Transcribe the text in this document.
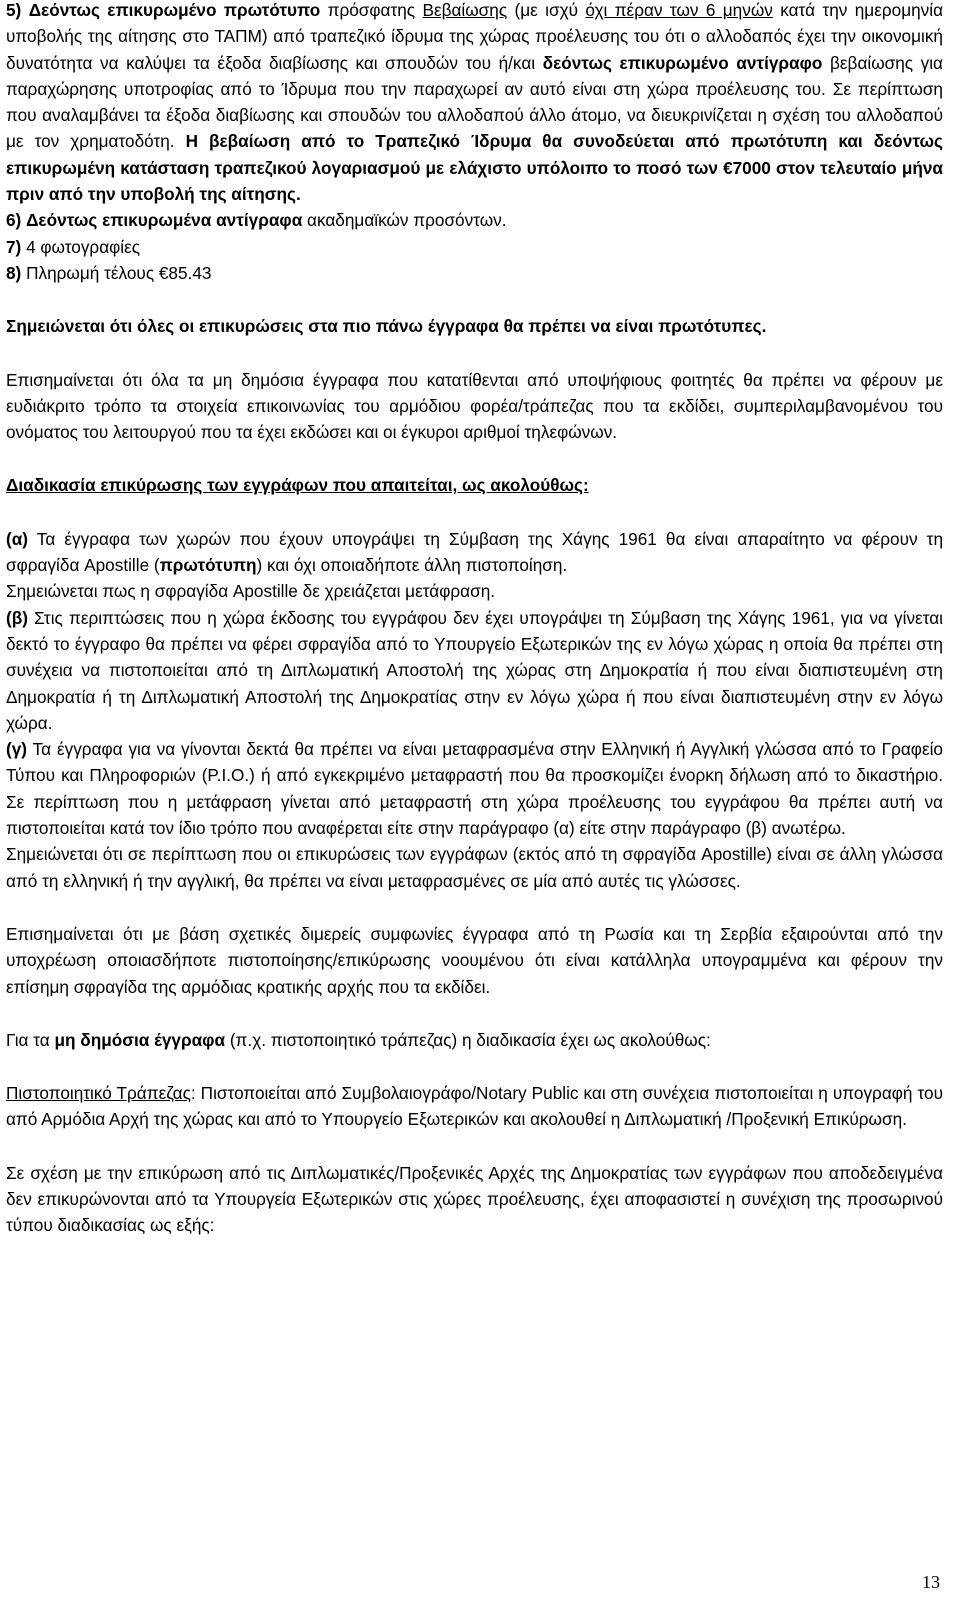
5) Δεόντως επικυρωμένο πρωτότυπο πρόσφατης Βεβαίωσης (με ισχύ όχι πέραν των 6 μηνών κατά την ημερομηνία υποβολής της αίτησης στο ΤΑΠΜ) από τραπεζικό ίδρυμα της χώρας προέλευσης του ότι ο αλλοδαπός έχει την οικονομική δυνατότητα να καλύψει τα έξοδα διαβίωσης και σπουδών του ή/και δεόντως επικυρωμένο αντίγραφο βεβαίωσης για παραχώρησης υποτροφίας από το Ίδρυμα που την παραχωρεί αν αυτό είναι στη χώρα προέλευσης του. Σε περίπτωση που αναλαμβάνει τα έξοδα διαβίωσης και σπουδών του αλλοδαπού άλλο άτομο, να διευκρινίζεται η σχέση του αλλοδαπού με τον χρηματοδότη. Η βεβαίωση από το Τραπεζικό Ίδρυμα θα συνοδεύεται από πρωτότυπη και δεόντως επικυρωμένη κατάσταση τραπεζικού λογαριασμού με ελάχιστο υπόλοιπο το ποσό των €7000 στον τελευταίο μήνα πριν από την υποβολή της αίτησης.

6) Δεόντως επικυρωμένα αντίγραφα ακαδημαϊκών προσόντων.

7) 4 φωτογραφίες

8) Πληρωμή τέλους €85.43

Σημειώνεται ότι όλες οι επικυρώσεις στα πιο πάνω έγγραφα θα πρέπει να είναι πρωτότυπες.

Επισημαίνεται ότι όλα τα μη δημόσια έγγραφα που κατατίθενται από υποψήφιους φοιτητές θα πρέπει να φέρουν με ευδιάκριτο τρόπο τα στοιχεία επικοινωνίας του αρμόδιου φορέα/τράπεζας που τα εκδίδει, συμπεριλαμβανομένου του ονόματος του λειτουργού που τα έχει εκδώσει και οι έγκυροι αριθμοί τηλεφώνων.

Διαδικασία επικύρωσης των εγγράφων που απαιτείται, ως ακολούθως:

(α) Τα έγγραφα των χωρών που έχουν υπογράψει τη Σύμβαση της Χάγης 1961 θα είναι απαραίτητο να φέρουν τη σφραγίδα Apostille (πρωτότυπη) και όχι οποιαδήποτε άλλη πιστοποίηση.

Σημειώνεται πως η σφραγίδα Apostille δε χρειάζεται μετάφραση.

(β) Στις περιπτώσεις που η χώρα έκδοσης του εγγράφου δεν έχει υπογράψει τη Σύμβαση της Χάγης 1961, για να γίνεται δεκτό το έγγραφο θα πρέπει να φέρει σφραγίδα από το Υπουργείο Εξωτερικών της εν λόγω χώρας η οποία θα πρέπει στη συνέχεια να πιστοποιείται από τη Διπλωματική Αποστολή της χώρας στη Δημοκρατία ή που είναι διαπιστευμένη στη Δημοκρατία ή τη Διπλωματική Αποστολή της Δημοκρατίας στην εν λόγω χώρα ή που είναι διαπιστευμένη στην εν λόγω χώρα.

(γ) Τα έγγραφα για να γίνονται δεκτά θα πρέπει να είναι μεταφρασμένα στην Ελληνική ή Αγγλική γλώσσα από το Γραφείο Τύπου και Πληροφοριών (Ρ.Ι.Ο.) ή από εγκεκριμένο μεταφραστή που θα προσκομίζει ένορκη δήλωση από το δικαστήριο. Σε περίπτωση που η μετάφραση γίνεται από μεταφραστή στη χώρα προέλευσης του εγγράφου θα πρέπει αυτή να πιστοποιείται κατά τον ίδιο τρόπο που αναφέρεται είτε στην παράγραφο (α) είτε στην παράγραφο (β) ανωτέρω.

Σημειώνεται ότι σε περίπτωση που οι επικυρώσεις των εγγράφων (εκτός από τη σφραγίδα Apostille) είναι σε άλλη γλώσσα από τη ελληνική ή την αγγλική, θα πρέπει να είναι μεταφρασμένες σε μία από αυτές τις γλώσσες.

Επισημαίνεται ότι με βάση σχετικές διμερείς συμφωνίες έγγραφα από τη Ρωσία και τη Σερβία εξαιρούνται από την υποχρέωση οποιασδήποτε πιστοποίησης/επικύρωσης νοουμένου ότι είναι κατάλληλα υπογραμμένα και φέρουν την επίσημη σφραγίδα της αρμόδιας κρατικής αρχής που τα εκδίδει.

Για τα μη δημόσια έγγραφα (π.χ. πιστοποιητικό τράπεζας) η διαδικασία έχει ως ακολούθως:

Πιστοποιητικό Τράπεζας: Πιστοποιείται από Συμβολαιογράφο/Notary Public και στη συνέχεια πιστοποιείται η υπογραφή του από Αρμόδια Αρχή της χώρας και από το Υπουργείο Εξωτερικών και ακολουθεί η Διπλωματική /Προξενική Επικύρωση.

Σε σχέση με την επικύρωση από τις Διπλωματικές/Προξενικές Αρχές της Δημοκρατίας των εγγράφων που αποδεδειγμένα δεν επικυρώνονται από τα Υπουργεία Εξωτερικών στις χώρες προέλευσης, έχει αποφασιστεί η συνέχιση της προσωρινού τύπου διαδικασίας ως εξής:

13
